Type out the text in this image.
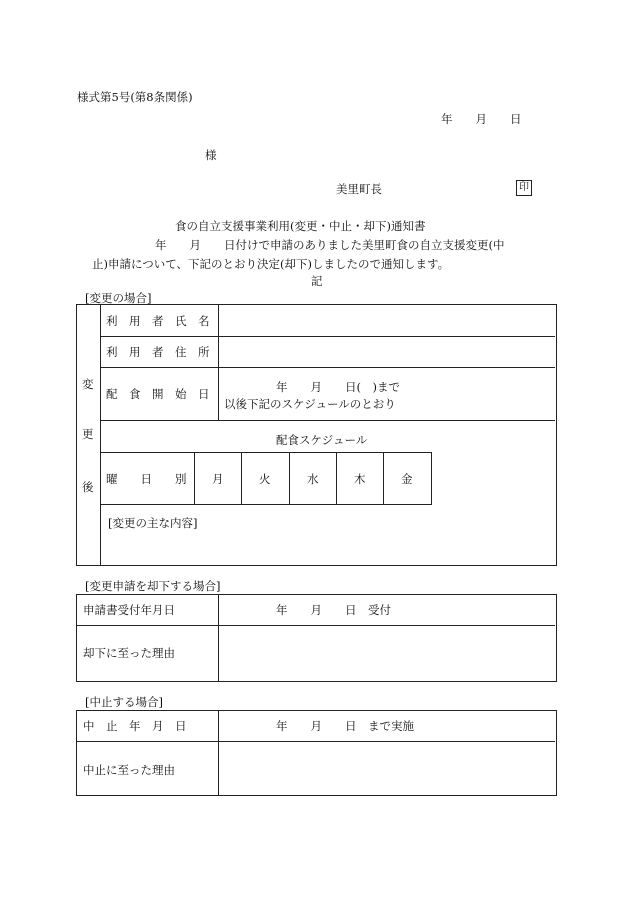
様式第5号(第8条関係)
年　　月　　日
様
美里町長	印
食の自立支援事業利用(変更・中止・却下)通知書
年　　月　　日付けで申請のありました美里町食の自立支援変更(中
止)申請について、下記のとおり決定(却下)しましたので通知します。
記
[変更の場合]
変
更
後
利　用　者　氏　名
利　用　者　住　所
配　食　開　始　日	年　　月　　日(　)まで
以後下記のスケジュールのとおり
配食スケジュール
曜　　日　　別 月	火	水	木	金
[変更の主な内容]
[変更申請を却下する場合]
申請書受付年月日	年　　月　　日　受付
却下に至った理由
[中止する場合]
中　止　年　月　日	年　　月　　日　まで実施
中止に至った理由
